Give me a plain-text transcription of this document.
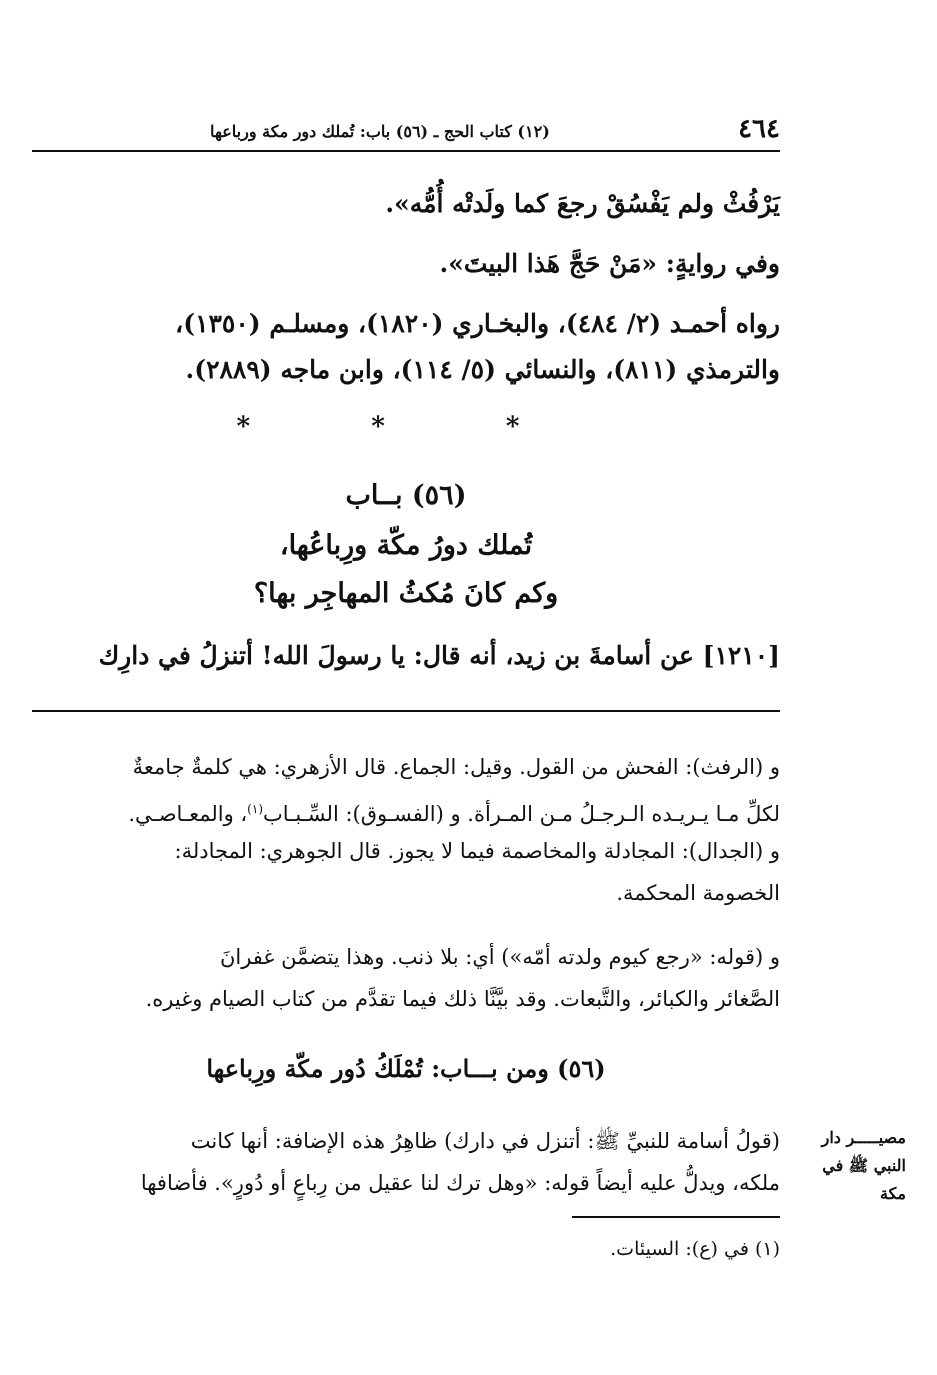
٤٦٤
(١٢) كتاب الحج ـ (٥٦) باب: تُملك دور مكة ورباعها
يَرْفُثْ ولم يَفْسُقْ رجعَ كما ولَدتْه أُمُّه».
وفي روايةٍ: «مَنْ حَجَّ هَذا البيتَ».
رواه أحمـد (٢/ ٤٨٤)، والبخـاري (١٨٢٠)، ومسلـم (١٣٥٠)،
والترمذي (٨١١)، والنسائي (٥/ ١١٤)، وابن ماجه (٢٨٨٩).
* * *
(٥٦) بــاب
تُملك دورُ مكّة ورِباعُها،
وكم كانَ مُكثُ المهاجِر بها؟
[١٢١٠] عن أسامةَ بن زيد، أنه قال: يا رسولَ الله! أتنزلُ في دارِك
و (الرفث): الفحش من القول. وقيل: الجماع. قال الأزهري: هي كلمةٌ جامعةٌ
لكلِّ مـا يـريـده الـرجـلُ مـن المـرأة. و (الفسـوق): السِّـبـاب$^{(١)}$، والمعـاصـي.
و (الجدال): المجادلة والمخاصمة فيما لا يجوز. قال الجوهري: المجادلة:
الخصومة المحكمة.
و (قوله: «رجع كيوم ولدته أمّه») أي: بلا ذنب. وهذا يتضمَّن غفرانَ
الصَّغائر والكبائر، والتَّبعات. وقد بيَّنَّا ذلك فيما تقدَّم من كتاب الصيام وغيره.
(٥٦) ومن بـــاب: تُمْلَكُ دُور مكّة ورِباعها
(قولُ أسامة للنبيِّ ﷺ: أتنزل في دارك) ظاهِرُ هذه الإضافة: أنها كانت
ملكه، ويدلُّ عليه أيضاً قوله: «وهل ترك لنا عقيل من رِباعٍ أو دُورٍ». فأضافها
مصيـــــر دار
النبي ﷺ في
مكة
(١) في (ع): السيئات.
